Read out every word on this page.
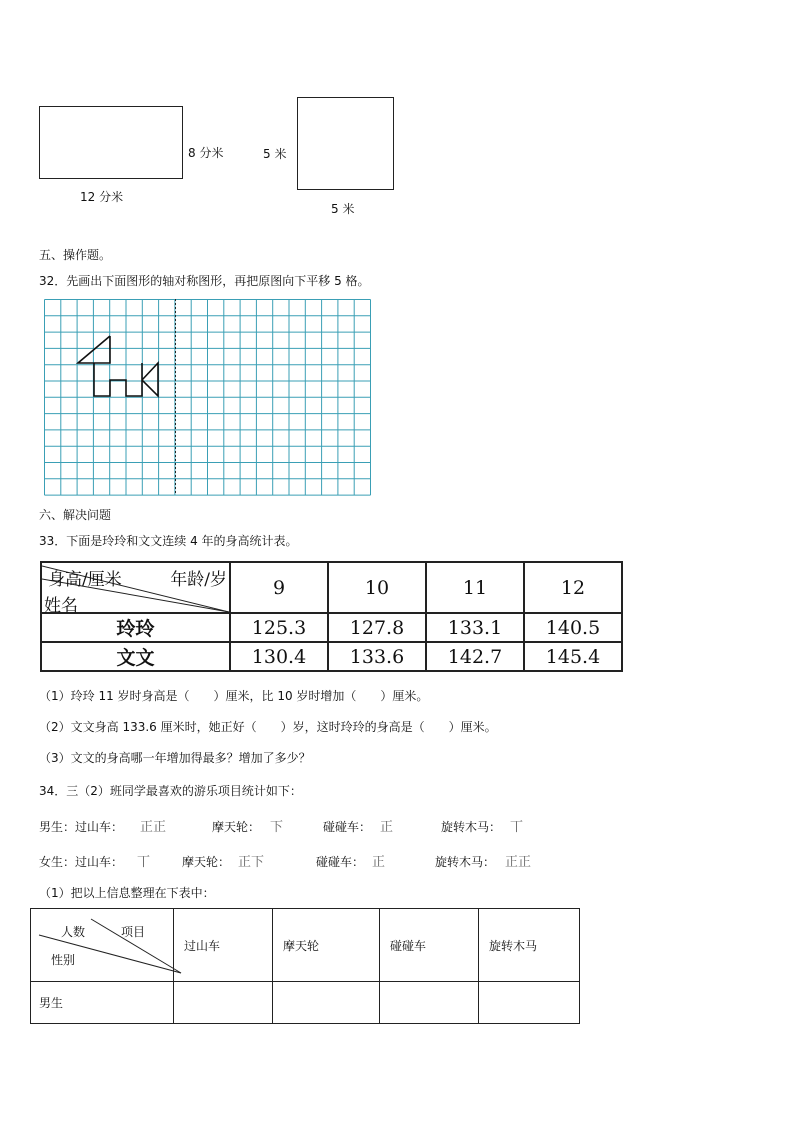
8 分米
12 分米
5 米
5 米
五、操作题。
32．先画出下面图形的轴对称图形，再把原图向下平移 5 格。
六、解决问题
33．下面是玲玲和文文连续 4 年的身高统计表。
身高/厘米 年龄/岁
姓名	9	10	11	12
玲玲	125.3	127.8	133.1	140.5
文文	130.4	133.6	142.7	145.4
（1）玲玲 11 岁时身高是（　　）厘米，比 10 岁时增加（　　）厘米。
（2）文文身高 133.6 厘米时，她正好（　　）岁，这时玲玲的身高是（　　）厘米。
（3）文文的身高哪一年增加得最多？增加了多少？
34．三（2）班同学最喜欢的游乐项目统计如下：
男生：过山车： 正正	摩天轮： 下	碰碰车： 正	旋转木马： 丅
女生：过山车： 丅	摩天轮： 正下	碰碰车： 正	旋转木马： 正正
（1）把以上信息整理在下表中：
人数 项目
性别	过山车	摩天轮	碰碰车	旋转木马
男生				
